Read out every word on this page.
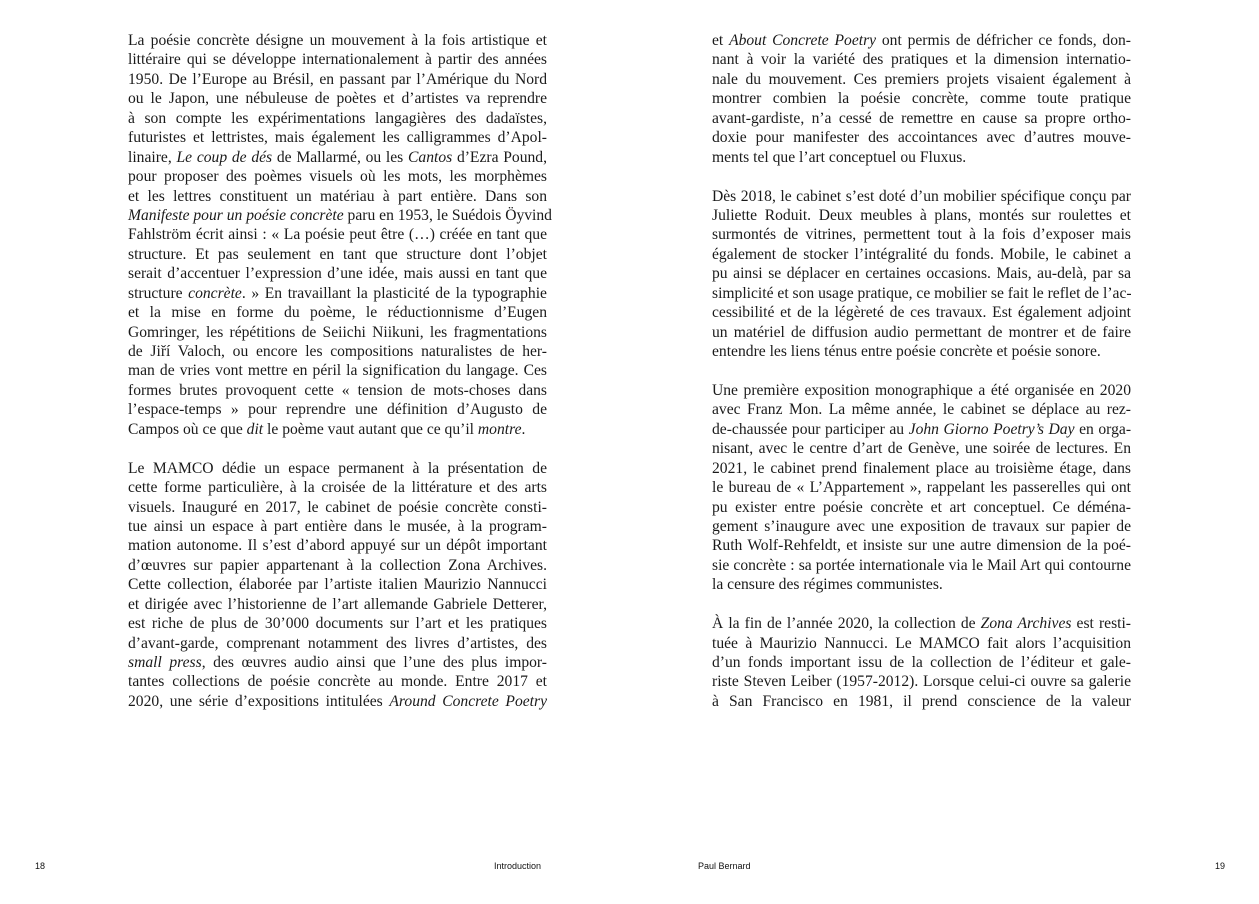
La poésie concrète désigne un mouvement à la fois artistique et
littéraire qui se développe internationalement à partir des années
1950. De l’Europe au Brésil, en passant par l’Amérique du Nord
ou le Japon, une nébuleuse de poètes et d’artistes va reprendre
à son compte les expérimentations langagières des dadaïstes,
futuristes et lettristes, mais également les calligrammes d’Apol-
linaire, Le coup de dés de Mallarmé, ou les Cantos d’Ezra Pound,
pour proposer des poèmes visuels où les mots, les morphèmes
et les lettres constituent un matériau à part entière. Dans son
Manifeste pour un poésie concrète paru en 1953, le Suédois Öyvind
Fahlström écrit ainsi : « La poésie peut être (…) créée en tant que
structure. Et pas seulement en tant que structure dont l’objet
serait d’accentuer l’expression d’une idée, mais aussi en tant que
structure concrète. » En travaillant la plasticité de la typographie
et la mise en forme du poème, le réductionnisme d’Eugen
Gomringer, les répétitions de Seiichi Niikuni, les fragmentations
de Jiří Valoch, ou encore les compositions naturalistes de her-
man de vries vont mettre en péril la signification du langage. Ces
formes brutes provoquent cette « tension de mots-choses dans
l’espace-temps » pour reprendre une définition d’Augusto de
Campos où ce que dit le poème vaut autant que ce qu’il montre.

Le MAMCO dédie un espace permanent à la présentation de
cette forme particulière, à la croisée de la littérature et des arts
visuels. Inauguré en 2017, le cabinet de poésie concrète consti-
tue ainsi un espace à part entière dans le musée, à la program-
mation autonome. Il s’est d’abord appuyé sur un dépôt important
d’œuvres sur papier appartenant à la collection Zona Archives.
Cette collection, élaborée par l’artiste italien Maurizio Nannucci
et dirigée avec l’historienne de l’art allemande Gabriele Detterer,
est riche de plus de 30’000 documents sur l’art et les pratiques
d’avant-garde, comprenant notamment des livres d’artistes, des
small press, des œuvres audio ainsi que l’une des plus impor-
tantes collections de poésie concrète au monde. Entre 2017 et
2020, une série d’expositions intitulées Around Concrete Poetry

18	Introduction

et About Concrete Poetry ont permis de défricher ce fonds, don-
nant à voir la variété des pratiques et la dimension internatio-
nale du mouvement. Ces premiers projets visaient également à
montrer combien la poésie concrète, comme toute pratique
avant-gardiste, n’a cessé de remettre en cause sa propre ortho-
doxie pour manifester des accointances avec d’autres mouve-
ments tel que l’art conceptuel ou Fluxus.

Dès 2018, le cabinet s’est doté d’un mobilier spécifique conçu par
Juliette Roduit. Deux meubles à plans, montés sur roulettes et
surmontés de vitrines, permettent tout à la fois d’exposer mais
également de stocker l’intégralité du fonds. Mobile, le cabinet a
pu ainsi se déplacer en certaines occasions. Mais, au-delà, par sa
simplicité et son usage pratique, ce mobilier se fait le reflet de l’ac-
cessibilité et de la légèreté de ces travaux. Est également adjoint
un matériel de diffusion audio permettant de montrer et de faire
entendre les liens ténus entre poésie concrète et poésie sonore.

Une première exposition monographique a été organisée en 2020
avec Franz Mon. La même année, le cabinet se déplace au rez-
de-chaussée pour participer au John Giorno Poetry’s Day en orga-
nisant, avec le centre d’art de Genève, une soirée de lectures. En
2021, le cabinet prend finalement place au troisième étage, dans
le bureau de « L’Appartement », rappelant les passerelles qui ont
pu exister entre poésie concrète et art conceptuel. Ce déména-
gement s’inaugure avec une exposition de travaux sur papier de
Ruth Wolf-Rehfeldt, et insiste sur une autre dimension de la poé-
sie concrète : sa portée internationale via le Mail Art qui contourne
la censure des régimes communistes.

À la fin de l’année 2020, la collection de Zona Archives est resti-
tuée à Maurizio Nannucci. Le MAMCO fait alors l’acquisition
d’un fonds important issu de la collection de l’éditeur et gale-
riste Steven Leiber (1957-2012). Lorsque celui-ci ouvre sa galerie
à San Francisco en 1981, il prend conscience de la valeur

Paul Bernard	19
